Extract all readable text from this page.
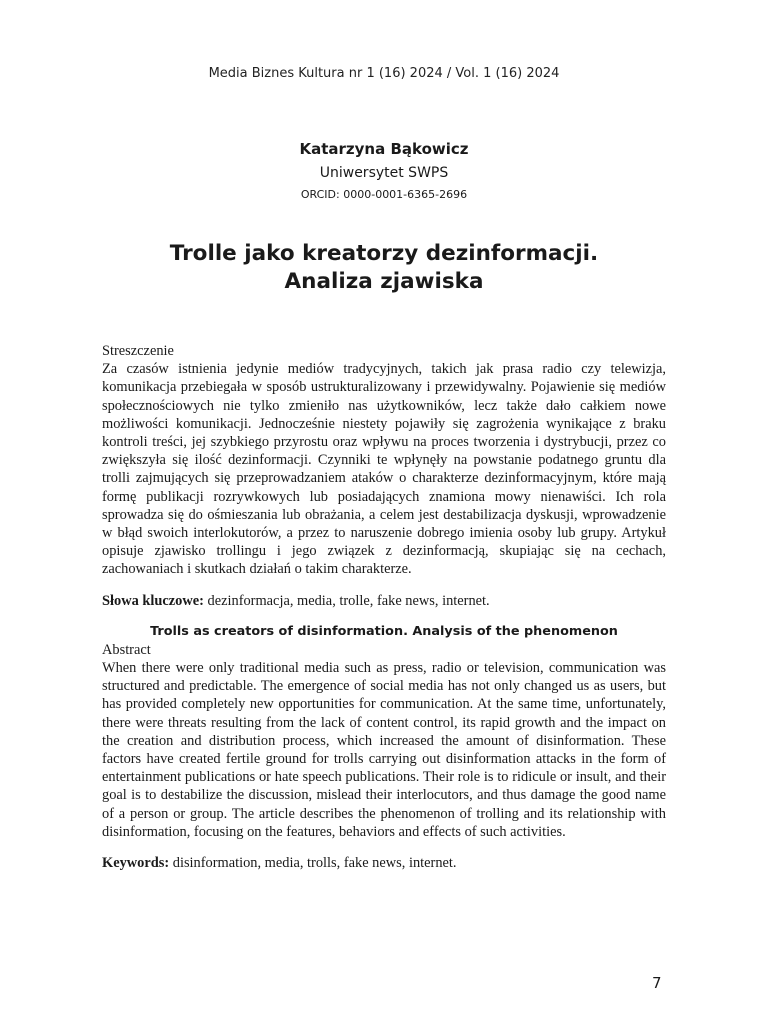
Media Biznes Kultura nr 1 (16) 2024 / Vol. 1 (16) 2024
Katarzyna Bąkowicz
Uniwersytet SWPS
ORCID: 0000-0001-6365-2696
Trolle jako kreatorzy dezinformacji.
Analiza zjawiska
Streszczenie

Za czasów istnienia jedynie mediów tradycyjnych, takich jak prasa radio czy telewizja, komunikacja przebiegała w sposób ustrukturalizowany i przewidywalny. Pojawienie się mediów społecznościowych nie tylko zmieniło nas użytkowników, lecz także dało całkiem nowe możliwości komunikacji. Jednocześnie niestety pojawiły się zagrożenia wynikające z braku kontroli treści, jej szybkiego przyrostu oraz wpływu na proces tworzenia i dystrybucji, przez co zwiększyła się ilość dezinformacji. Czynniki te wpłynęły na powstanie podatnego gruntu dla trolli zajmujących się przeprowadzaniem ataków o charakterze dezinformacyjnym, które mają formę publikacji rozrywkowych lub posiadających znamiona mowy nienawiści. Ich rola sprowadza się do ośmieszania lub obrażania, a celem jest destabilizacja dyskusji, wprowadzenie w błąd swoich interlokutorów, a przez to naruszenie dobrego imienia osoby lub grupy. Artykuł opisuje zjawisko trollingu i jego związek z dezinformacją, skupiając się na cechach, zachowaniach i skutkach działań o takim charakterze.

Słowa kluczowe: dezinformacja, media, trolle, fake news, internet.
Trolls as creators of disinformation. Analysis of the phenomenon
Abstract

When there were only traditional media such as press, radio or television, communication was structured and predictable. The emergence of social media has not only changed us as users, but has provided completely new opportunities for communication. At the same time, unfortunately, there were threats resulting from the lack of content control, its rapid growth and the impact on the creation and distribution process, which increased the amount of disinformation. These factors have created fertile ground for trolls carrying out disinformation attacks in the form of entertainment publications or hate speech publications. Their role is to ridicule or insult, and their goal is to destabilize the discussion, mislead their interlocutors, and thus damage the good name of a person or group. The article describes the phenomenon of trolling and its relationship with disinformation, focusing on the features, behaviors and effects of such activities.

Keywords: disinformation, media, trolls, fake news, internet.
7
